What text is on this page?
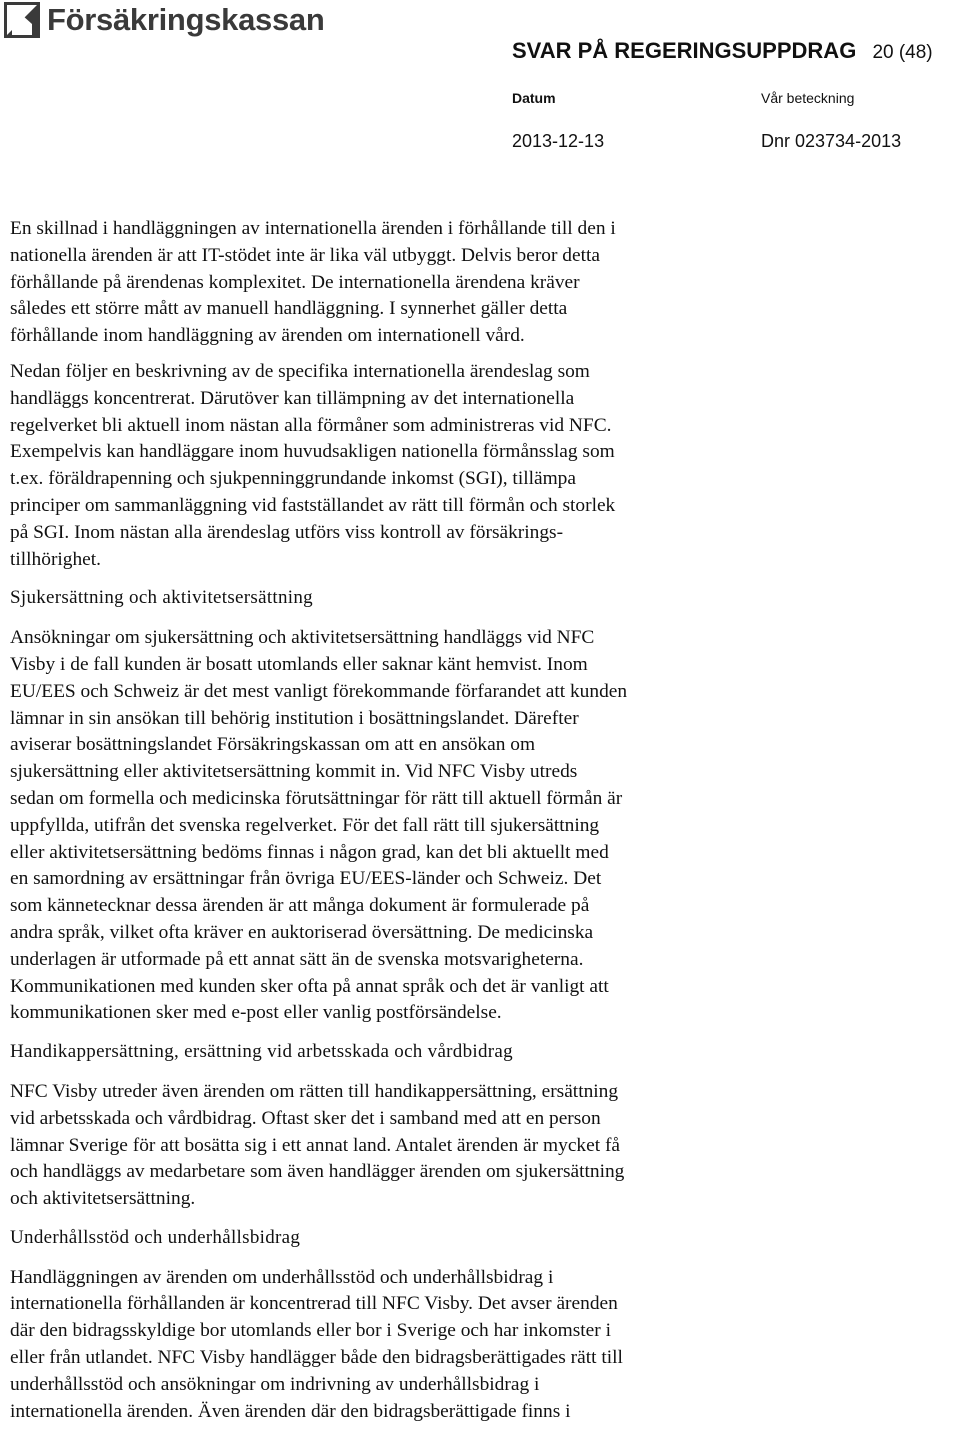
Försäkringskassan
SVAR PÅ REGERINGSUPPDRAG 20 (48)
Datum	Vår beteckning
2013-12-13	Dnr 023734-2013

En skillnad i handläggningen av internationella ärenden i förhållande till den i
nationella ärenden är att IT-stödet inte är lika väl utbyggt. Delvis beror detta
förhållande på ärendenas komplexitet. De internationella ärendena kräver
således ett större mått av manuell handläggning. I synnerhet gäller detta
förhållande inom handläggning av ärenden om internationell vård.

Nedan följer en beskrivning av de specifika internationella ärendeslag som
handläggs koncentrerat. Därutöver kan tillämpning av det internationella
regelverket bli aktuell inom nästan alla förmåner som administreras vid NFC.
Exempelvis kan handläggare inom huvudsakligen nationella förmånsslag som
t.ex. föräldrapenning och sjukpenninggrundande inkomst (SGI), tillämpa
principer om sammanläggning vid fastställandet av rätt till förmån och storlek
på SGI. Inom nästan alla ärendeslag utförs viss kontroll av försäkrings-
tillhörighet.

Sjukersättning och aktivitetsersättning

Ansökningar om sjukersättning och aktivitetsersättning handläggs vid NFC
Visby i de fall kunden är bosatt utomlands eller saknar känt hemvist. Inom
EU/EES och Schweiz är det mest vanligt förekommande förfarandet att kunden
lämnar in sin ansökan till behörig institution i bosättningslandet. Därefter
aviserar bosättningslandet Försäkringskassan om att en ansökan om
sjukersättning eller aktivitetsersättning kommit in. Vid NFC Visby utreds
sedan om formella och medicinska förutsättningar för rätt till aktuell förmån är
uppfyllda, utifrån det svenska regelverket. För det fall rätt till sjukersättning
eller aktivitetsersättning bedöms finnas i någon grad, kan det bli aktuellt med
en samordning av ersättningar från övriga EU/EES-länder och Schweiz. Det
som kännetecknar dessa ärenden är att många dokument är formulerade på
andra språk, vilket ofta kräver en auktoriserad översättning. De medicinska
underlagen är utformade på ett annat sätt än de svenska motsvarigheterna.
Kommunikationen med kunden sker ofta på annat språk och det är vanligt att
kommunikationen sker med e-post eller vanlig postförsändelse.

Handikappersättning, ersättning vid arbetsskada och vårdbidrag

NFC Visby utreder även ärenden om rätten till handikappersättning, ersättning
vid arbetsskada och vårdbidrag. Oftast sker det i samband med att en person
lämnar Sverige för att bosätta sig i ett annat land. Antalet ärenden är mycket få
och handläggs av medarbetare som även handlägger ärenden om sjukersättning
och aktivitetsersättning.

Underhållsstöd och underhållsbidrag

Handläggningen av ärenden om underhållsstöd och underhållsbidrag i
internationella förhållanden är koncentrerad till NFC Visby. Det avser ärenden
där den bidragsskyldige bor utomlands eller bor i Sverige och har inkomster i
eller från utlandet. NFC Visby handlägger både den bidragsberättigades rätt till
underhållsstöd och ansökningar om indrivning av underhållsbidrag i
internationella ärenden. Även ärenden där den bidragsberättigade finns i
